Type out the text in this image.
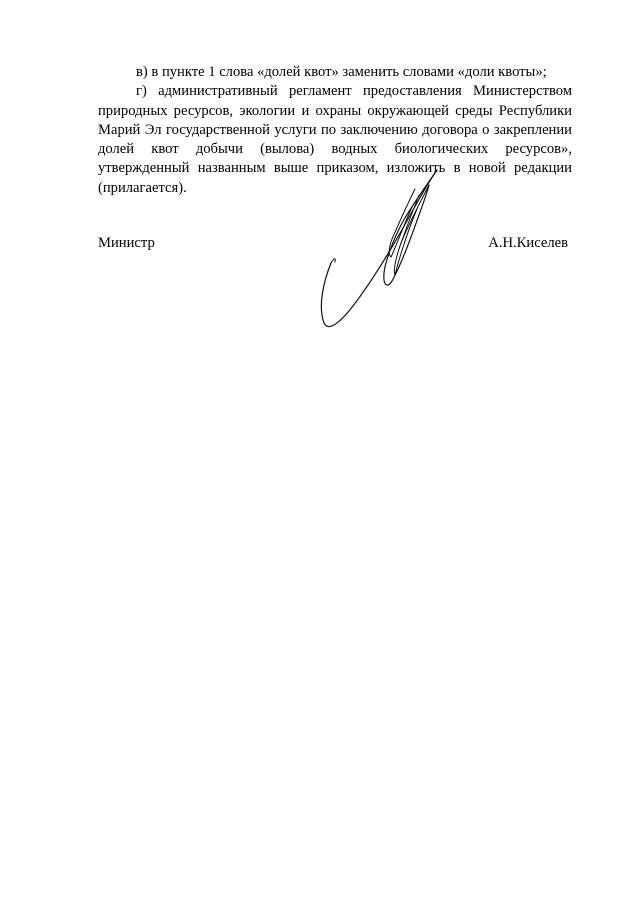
в) в пункте 1 слова «долей квот» заменить словами «доли квоты»;

г) административный регламент предоставления Министерством природных ресурсов, экологии и охраны окружающей среды Республики Марий Эл государственной услуги по заключению договора о закреплении долей квот добычи (вылова) водных биологических ресурсов», утвержденный названным выше приказом, изложить в новой редакции (прилагается).

Министр	А.Н.Киселев
